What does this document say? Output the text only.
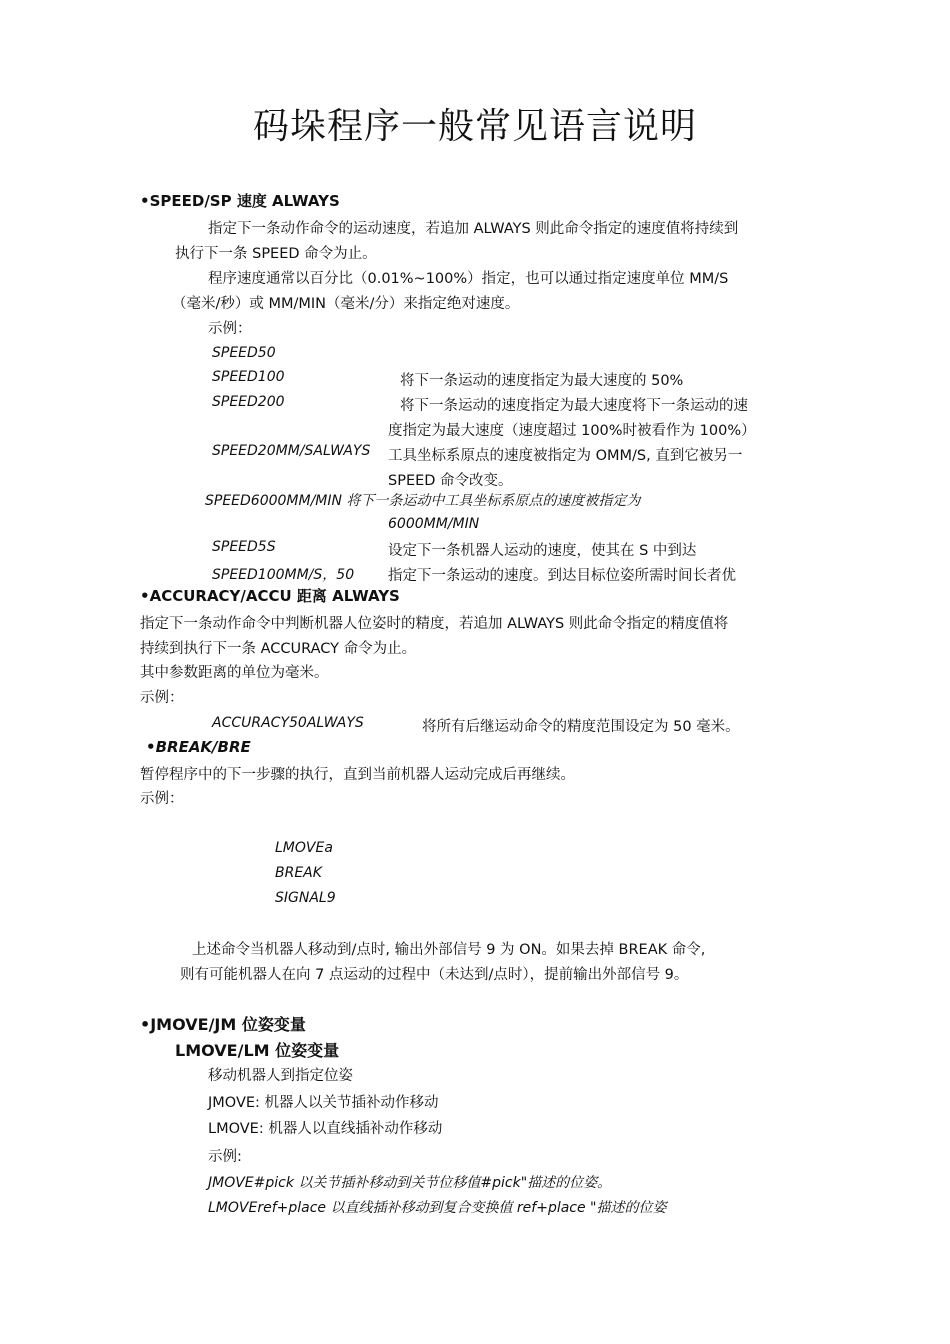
码垛程序一般常见语言说明
•SPEED/SP 速度 ALWAYS
指定下一条动作命令的运动速度，若追加 ALWAYS 则此命令指定的速度值将持续到
执行下一条 SPEED 命令为止。
程序速度通常以百分比（0.01%~100%）指定，也可以通过指定速度单位 MM/S
（毫米/秒）或 MM/MIN（毫米/分）来指定绝对速度。
示例：
SPEED50
SPEED100	将下一条运动的速度指定为最大速度的 50%
SPEED200	将下一条运动的速度指定为最大速度将下一条运动的速
度指定为最大速度（速度超过 100%时被看作为 100%）
SPEED20MM/SALWAYS 工具坐标系原点的速度被指定为 OMM/S, 直到它被另一
SPEED 命令改变。
SPEED6000MM/MIN 将下一条运动中工具坐标系原点的速度被指定为
6000MM/MIN
SPEED5S	设定下一条机器人运动的速度，使其在 S 中到达
SPEED100MM/S，50 指定下一条运动的速度。到达目标位姿所需时间长者优
•ACCURACY/ACCU 距离 ALWAYS
指定下一条动作命令中判断机器人位姿时的精度，若追加 ALWAYS 则此命令指定的精度值将
持续到执行下一条 ACCURACY 命令为止。
其中参数距离的单位为毫米。
示例：
ACCURACY50ALWAYS	将所有后继运动命令的精度范围设定为 50 毫米。
•BREAK/BRE
暂停程序中的下一步骤的执行，直到当前机器人运动完成后再继续。
示例：
LMOVEa
BREAK
SIGNAL9
上述命令当机器人移动到/点时, 输出外部信号 9 为 ON。如果去掉 BREAK 命令,
则有可能机器人在向 7 点运动的过程中（未达到/点时），提前输出外部信号 9。
•JMOVE/JM 位姿变量
LMOVE/LM 位姿变量
移动机器人到指定位姿
JMOVE: 机器人以关节插补动作移动
LMOVE: 机器人以直线插补动作移动
示例:
JMOVE#pick 以关节插补移动到关节位移值#pick"描述的位姿。
LMOVEref+place 以直线插补移动到复合变换值 ref+place "描述的位姿
